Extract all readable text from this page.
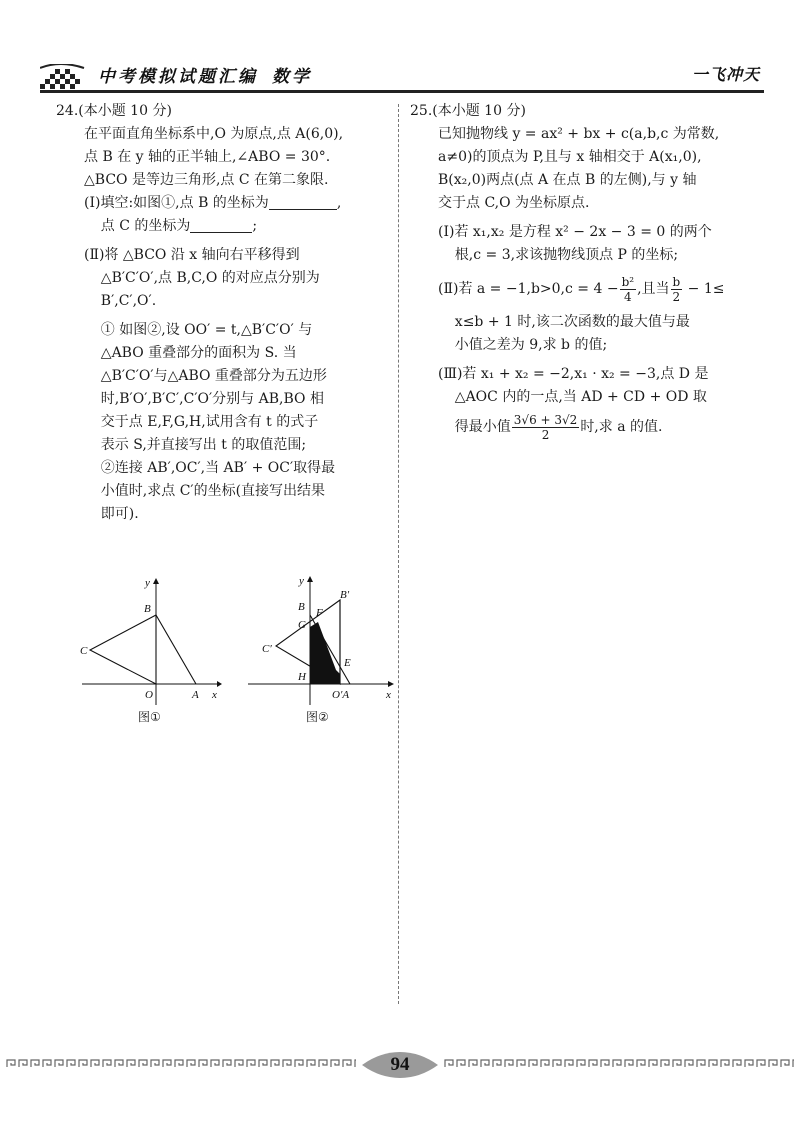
中考模拟试题汇编 数学	一飞冲天

24.(本小题 10 分)

在平面直角坐标系中,O 为原点,点 A(6,0),

点 B 在 y 轴的正半轴上,∠ABO = 30°.

△BCO 是等边三角形,点 C 在第二象限.

(Ⅰ)填空:如图①,点 B 的坐标为	,

点 C 的坐标为	;

(Ⅱ)将 △BCO 沿 x 轴向右平移得到

△B′C′O′,点 B,C,O 的对应点分别为

B′,C′,O′.

① 如图②,设 OO′ = t,△B′C′O′ 与

△ABO 重叠部分的面积为 S. 当

△B′C′O′与△ABO 重叠部分为五边形

时,B′O′,B′C′,C′O′分别与 AB,BO 相

交于点 E,F,G,H,试用含有 t 的式子

表示 S,并直接写出 t 的取值范围;

②连接 AB′,OC′,当 AB′ + OC′取得最

小值时,求点 C′的坐标(直接写出结果

即可).

y
x
B
C
O	A
y
x
B
B′
F
G
C′
E
H
O′A
图①	图②

25.(本小题 10 分)

已知抛物线 y = ax² + bx + c(a,b,c 为常数,

a≠0)的顶点为 P,且与 x 轴相交于 A(x₁,0),

B(x₂,0)两点(点 A 在点 B 的左侧),与 y 轴

交于点 C,O 为坐标原点.

(Ⅰ)若 x₁,x₂ 是方程 x² − 2x − 3 = 0 的两个

根,c = 3,求该抛物线顶点 P 的坐标;

(Ⅱ)若 $a = -1,b>0,c = 4 - \frac{\text{b²}}{4}$ ,且当 $\frac{b}{2} - 1\le$

x≤b + 1 时,该二次函数的最大值与最

小值之差为 9,求 b 的值;

(Ⅲ)若 x₁ + x₂ = −2,x₁ · x₂ = −3,点 D 是

△AOC 内的一点,当 AD + CD + OD 取

得最小值 $\frac{3√6 + 3√2}{2}$ 时,求 a 的值.

94
